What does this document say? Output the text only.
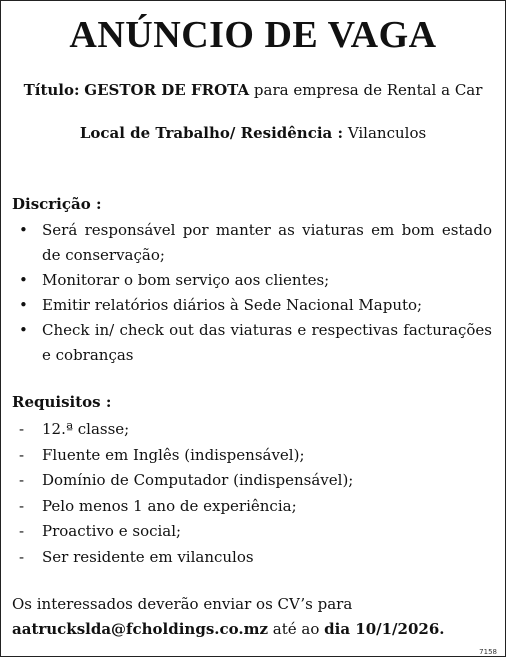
ANÚNCIO DE VAGA
Título: GESTOR DE FROTA para empresa de Rental a Car
Local de Trabalho/ Residência : Vilanculos
Discrição :
• Será responsável por manter as viaturas em bom estado de conservação;
• Monitorar o bom serviço aos clientes;
• Emitir relatórios diários à Sede Nacional Maputo;
• Check in/ check out das viaturas e respectivas facturações e cobranças
Requisitos :
- 12.ª classe;
- Fluente em Inglês (indispensável);
- Domínio de Computador (indispensável);
- Pelo menos 1 ano de experiência;
- Proactivo e social;
- Ser residente em vilanculos
Os interessados deverão enviar os CV’s para
aatruckslda@fcholdings.co.mz até ao dia 10/1/2026.
7158
